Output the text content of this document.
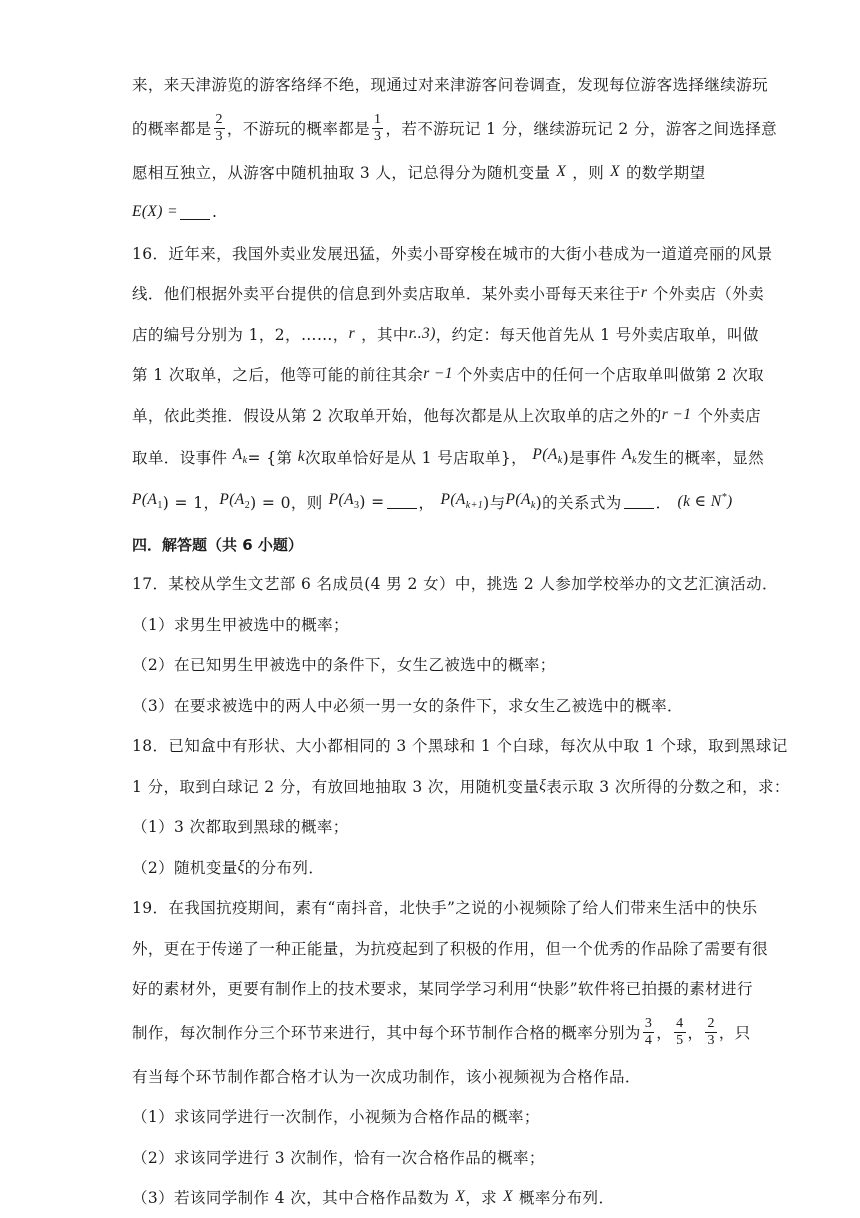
来，来天津游览的游客络绎不绝，现通过对来津游客问卷调查，发现每位游客选择继续游玩
的概率都是 $\frac{2}{3}$ ，不游玩的概率都是 $\frac{1}{3}$ ，若不游玩记 1 分，继续游玩记 2 分，游客之间选择意
愿相互独立，从游客中随机抽取 3 人，记总得分为随机变量 X ，则 X 的数学期望
E(X) = .
16．近年来，我国外卖业发展迅猛，外卖小哥穿梭在城市的大街小巷成为一道道亮丽的风景
线．他们根据外卖平台提供的信息到外卖店取单．某外卖小哥每天来往于 r 个外卖店（外卖
店的编号分别为 1，2，……， r ，其中 r..3) ，约定：每天他首先从 1 号外卖店取单，叫做
第 1 次取单，之后，他等可能的前往其余 r −1 个外卖店中的任何一个店取单叫做第 2 次取
单，依此类推．假设从第 2 次取单开始，他每次都是从上次取单的店之外的 r −1 个外卖店
取单．设事件 $A_k$ = {第 k 次取单恰好是从 1 号店取单}， $P(A_k$ )是事件 $A_k$ 发生的概率，显然
$P(A_1$ ) = 1， $P(A_2$ ) = 0，则 $P(A_3$ ) = ， $P(A_{k+1}$ )与 $P(A_k$ )的关系式为 ． (k ∈ N*)
四．解答题（共 6 小题）
17．某校从学生文艺部 6 名成员(4 男 2 女）中，挑选 2 人参加学校举办的文艺汇演活动．
（1）求男生甲被选中的概率；
（2）在已知男生甲被选中的条件下，女生乙被选中的概率；
（3）在要求被选中的两人中必须一男一女的条件下，求女生乙被选中的概率．
18．已知盒中有形状、大小都相同的 3 个黑球和 1 个白球，每次从中取 1 个球，取到黑球记
1 分，取到白球记 2 分，有放回地抽取 3 次，用随机变量 ξ 表示取 3 次所得的分数之和，求：
（1）3 次都取到黑球的概率；
（2）随机变量 ξ 的分布列．
19．在我国抗疫期间，素有“南抖音，北快手”之说的小视频除了给人们带来生活中的快乐
外，更在于传递了一种正能量，为抗疫起到了积极的作用，但一个优秀的作品除了需要有很
好的素材外，更要有制作上的技术要求，某同学学习利用“快影”软件将已拍摄的素材进行
制作，每次制作分三个环节来进行，其中每个环节制作合格的概率分别为 $\frac{3}{4}$ ， $\frac{4}{5}$ ， $\frac{2}{3}$ ，只
有当每个环节制作都合格才认为一次成功制作，该小视频视为合格作品．
（1）求该同学进行一次制作，小视频为合格作品的概率；
（2）求该同学进行 3 次制作，恰有一次合格作品的概率；
（3）若该同学制作 4 次，其中合格作品数为 X ，求 X 概率分布列．
